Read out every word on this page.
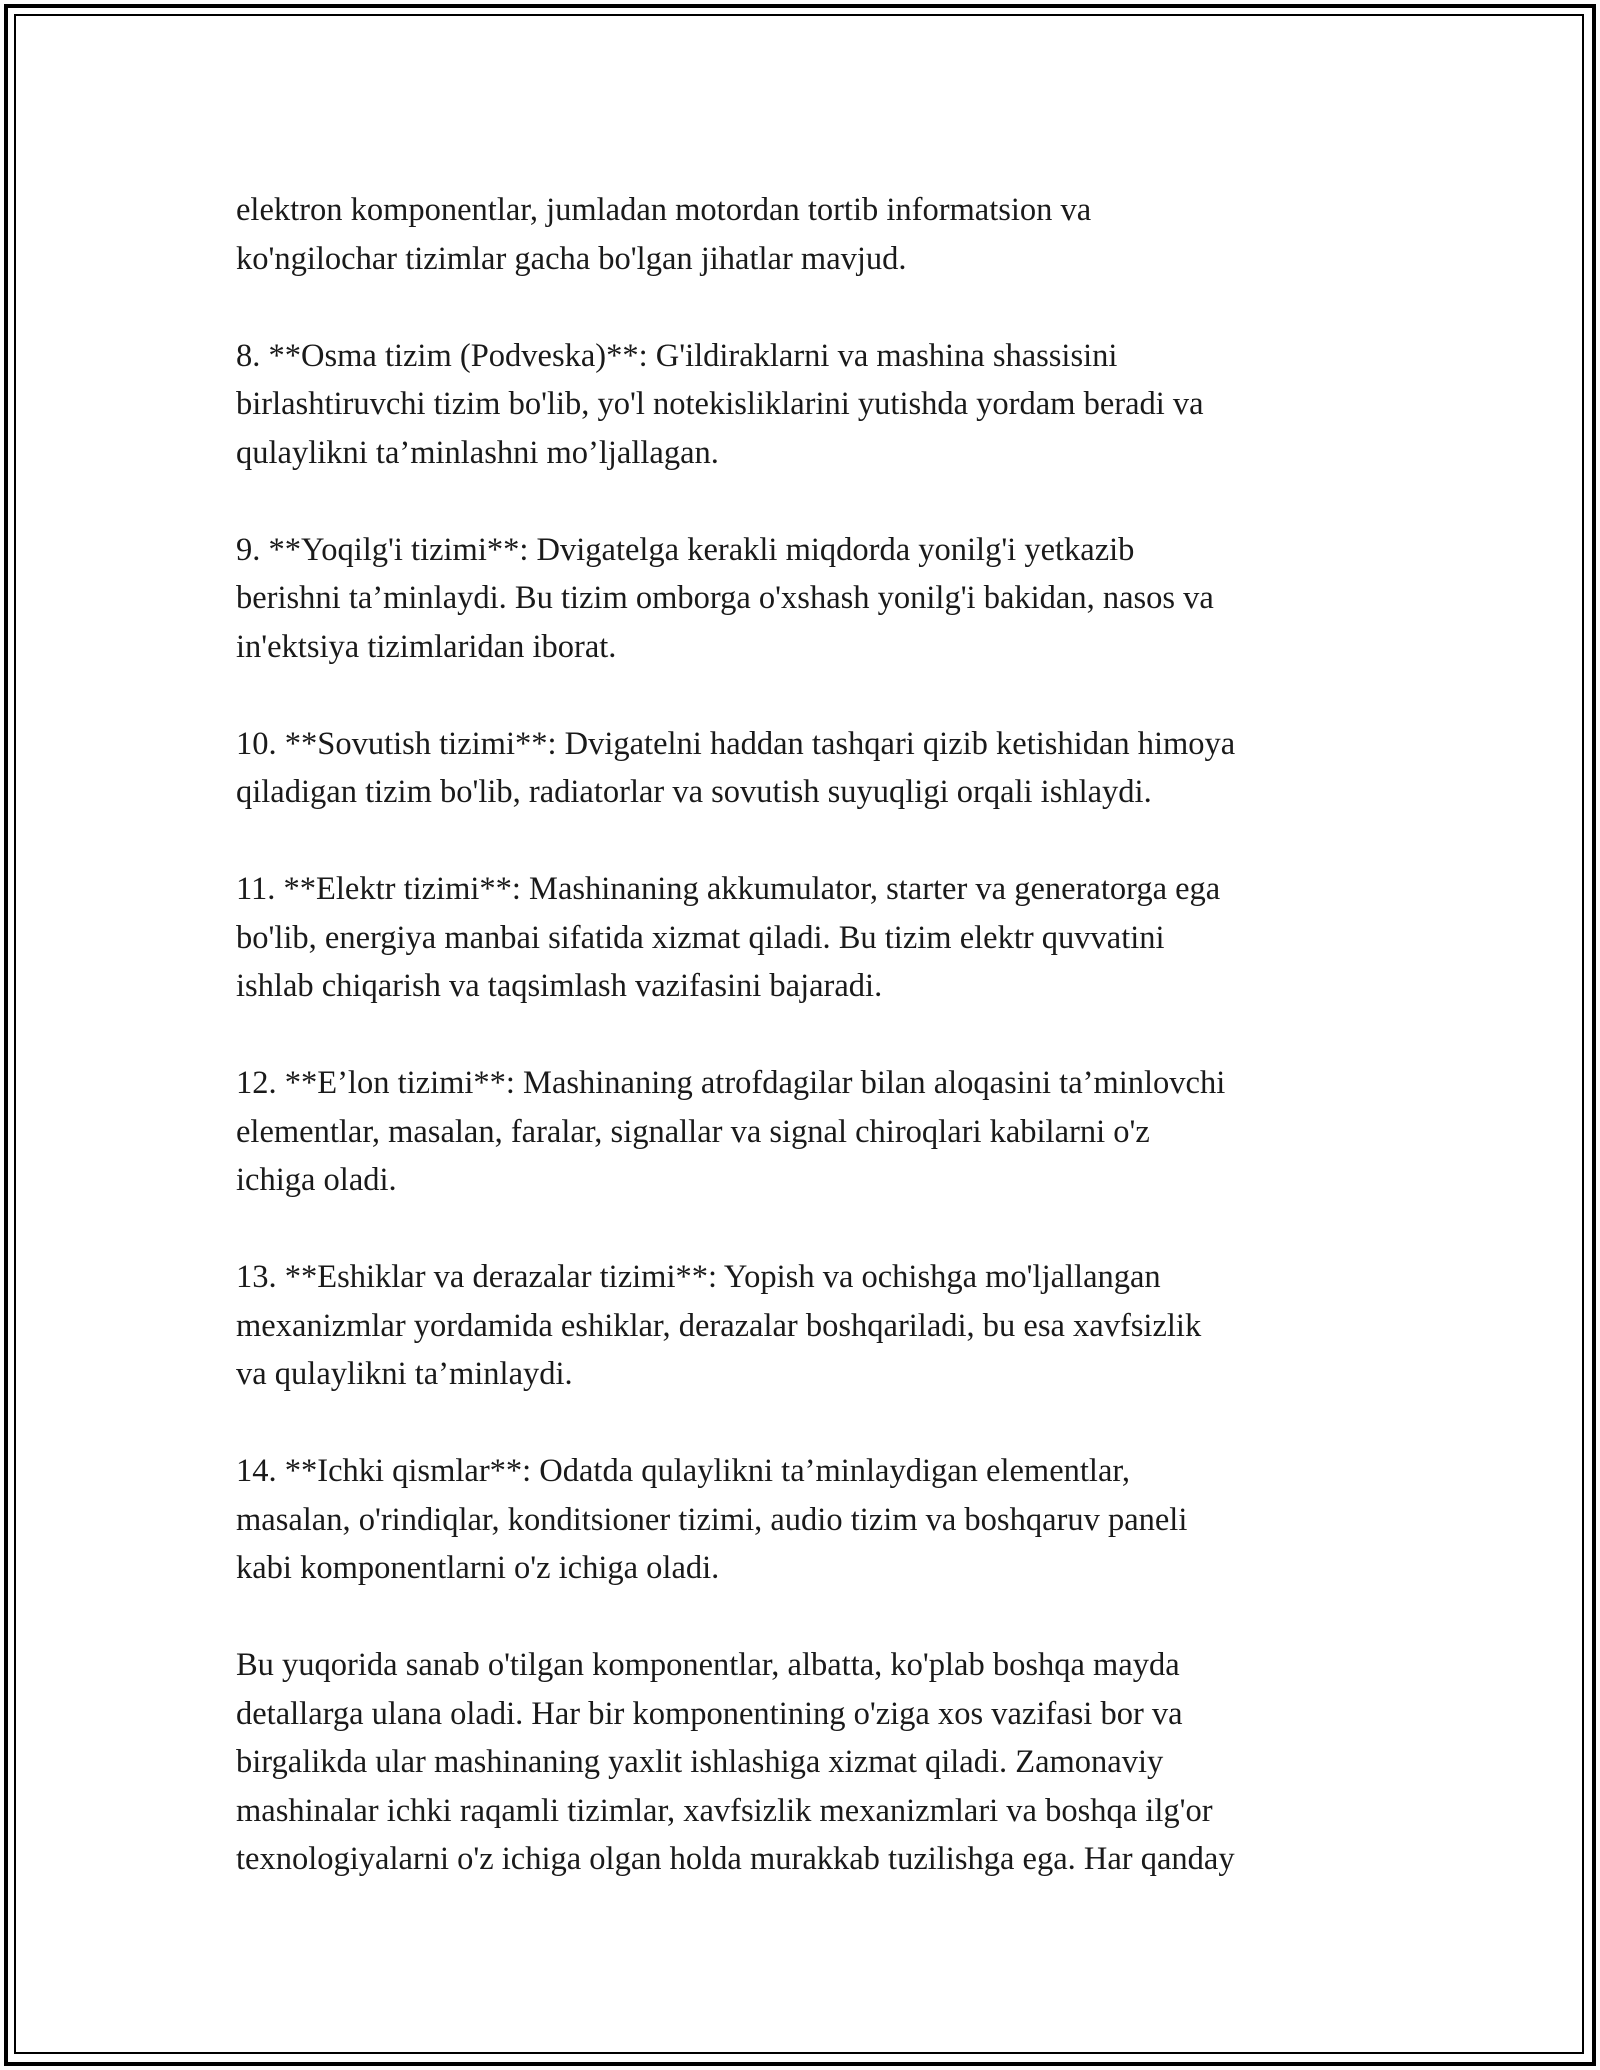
elektron komponentlar, jumladan motordan tortib informatsion va
ko'ngilochar tizimlar gacha bo'lgan jihatlar mavjud.

8. **Osma tizim (Podveska)**: G'ildiraklarni va mashina shassisini
birlashtiruvchi tizim bo'lib, yo'l notekisliklarini yutishda yordam beradi va
qulaylikni ta’minlashni mo’ljallagan.

9. **Yoqilg'i tizimi**: Dvigatelga kerakli miqdorda yonilg'i yetkazib
berishni ta’minlaydi. Bu tizim omborga o'xshash yonilg'i bakidan, nasos va
in'ektsiya tizimlaridan iborat.

10. **Sovutish tizimi**: Dvigatelni haddan tashqari qizib ketishidan himoya
qiladigan tizim bo'lib, radiatorlar va sovutish suyuqligi orqali ishlaydi.

11. **Elektr tizimi**: Mashinaning akkumulator, starter va generatorga ega
bo'lib, energiya manbai sifatida xizmat qiladi. Bu tizim elektr quvvatini
ishlab chiqarish va taqsimlash vazifasini bajaradi.

12. **E’lon tizimi**: Mashinaning atrofdagilar bilan aloqasini ta’minlovchi
elementlar, masalan, faralar, signallar va signal chiroqlari kabilarni o'z
ichiga oladi.

13. **Eshiklar va derazalar tizimi**: Yopish va ochishga mo'ljallangan
mexanizmlar yordamida eshiklar, derazalar boshqariladi, bu esa xavfsizlik
va qulaylikni ta’minlaydi.

14. **Ichki qismlar**: Odatda qulaylikni ta’minlaydigan elementlar,
masalan, o'rindiqlar, konditsioner tizimi, audio tizim va boshqaruv paneli
kabi komponentlarni o'z ichiga oladi.

Bu yuqorida sanab o'tilgan komponentlar, albatta, ko'plab boshqa mayda
detallarga ulana oladi. Har bir komponentining o'ziga xos vazifasi bor va
birgalikda ular mashinaning yaxlit ishlashiga xizmat qiladi. Zamonaviy
mashinalar ichki raqamli tizimlar, xavfsizlik mexanizmlari va boshqa ilg'or
texnologiyalarni o'z ichiga olgan holda murakkab tuzilishga ega. Har qanday
